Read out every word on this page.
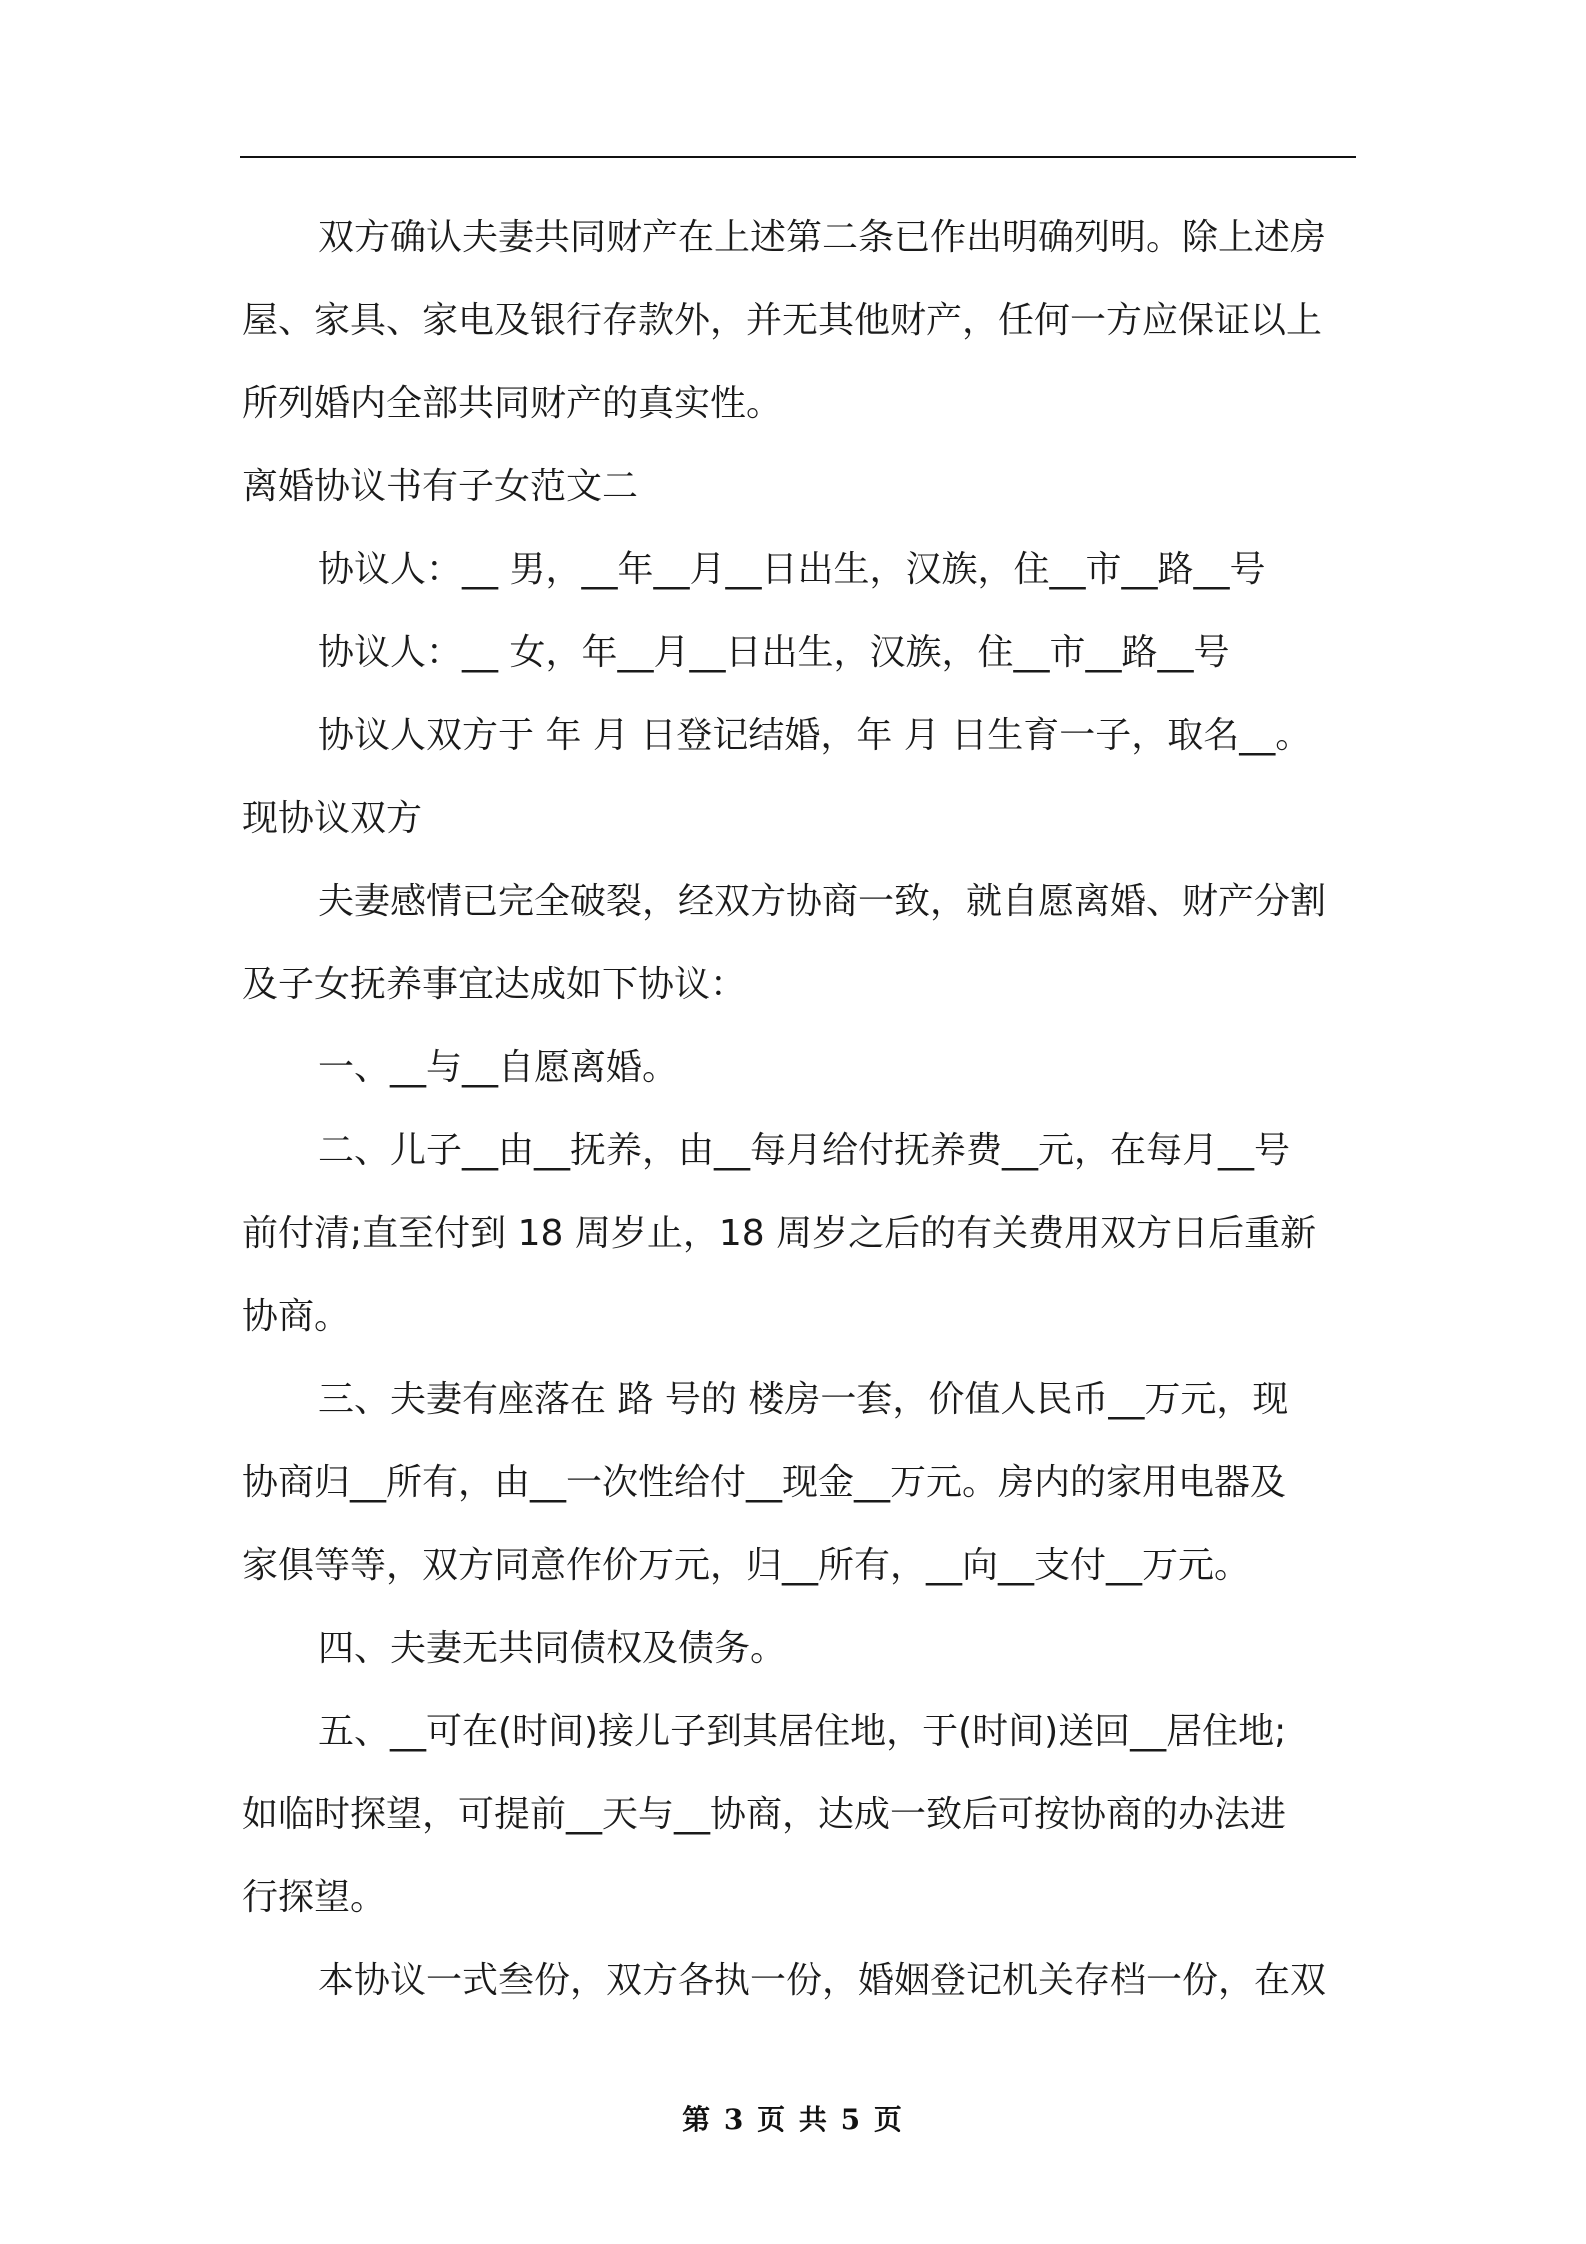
双方确认夫妻共同财产在上述第二条已作出明确列明。除上述房

屋、家具、家电及银行存款外，并无其他财产，任何一方应保证以上

所列婚内全部共同财产的真实性。

离婚协议书有子女范文二

协议人：__ 男，__年__月__日出生，汉族，住__市__路__号

协议人：__ 女，年__月__日出生，汉族，住__市__路__号

协议人双方于 年 月 日登记结婚，年 月 日生育一子，取名__。

现协议双方

夫妻感情已完全破裂，经双方协商一致，就自愿离婚、财产分割

及子女抚养事宜达成如下协议：

一、__与__自愿离婚。

二、儿子__由__抚养，由__每月给付抚养费__元，在每月__号

前付清;直至付到 18 周岁止，18 周岁之后的有关费用双方日后重新

协商。

三、夫妻有座落在 路 号的 楼房一套，价值人民币__万元，现

协商归__所有，由__一次性给付__现金__万元。房内的家用电器及

家俱等等，双方同意作价万元，归__所有，__向__支付__万元。

四、夫妻无共同债权及债务。

五、__可在(时间)接儿子到其居住地，于(时间)送回__居住地;

如临时探望，可提前__天与__协商，达成一致后可按协商的办法进

行探望。

本协议一式叁份，双方各执一份，婚姻登记机关存档一份，在双

第 3 页 共 5 页
